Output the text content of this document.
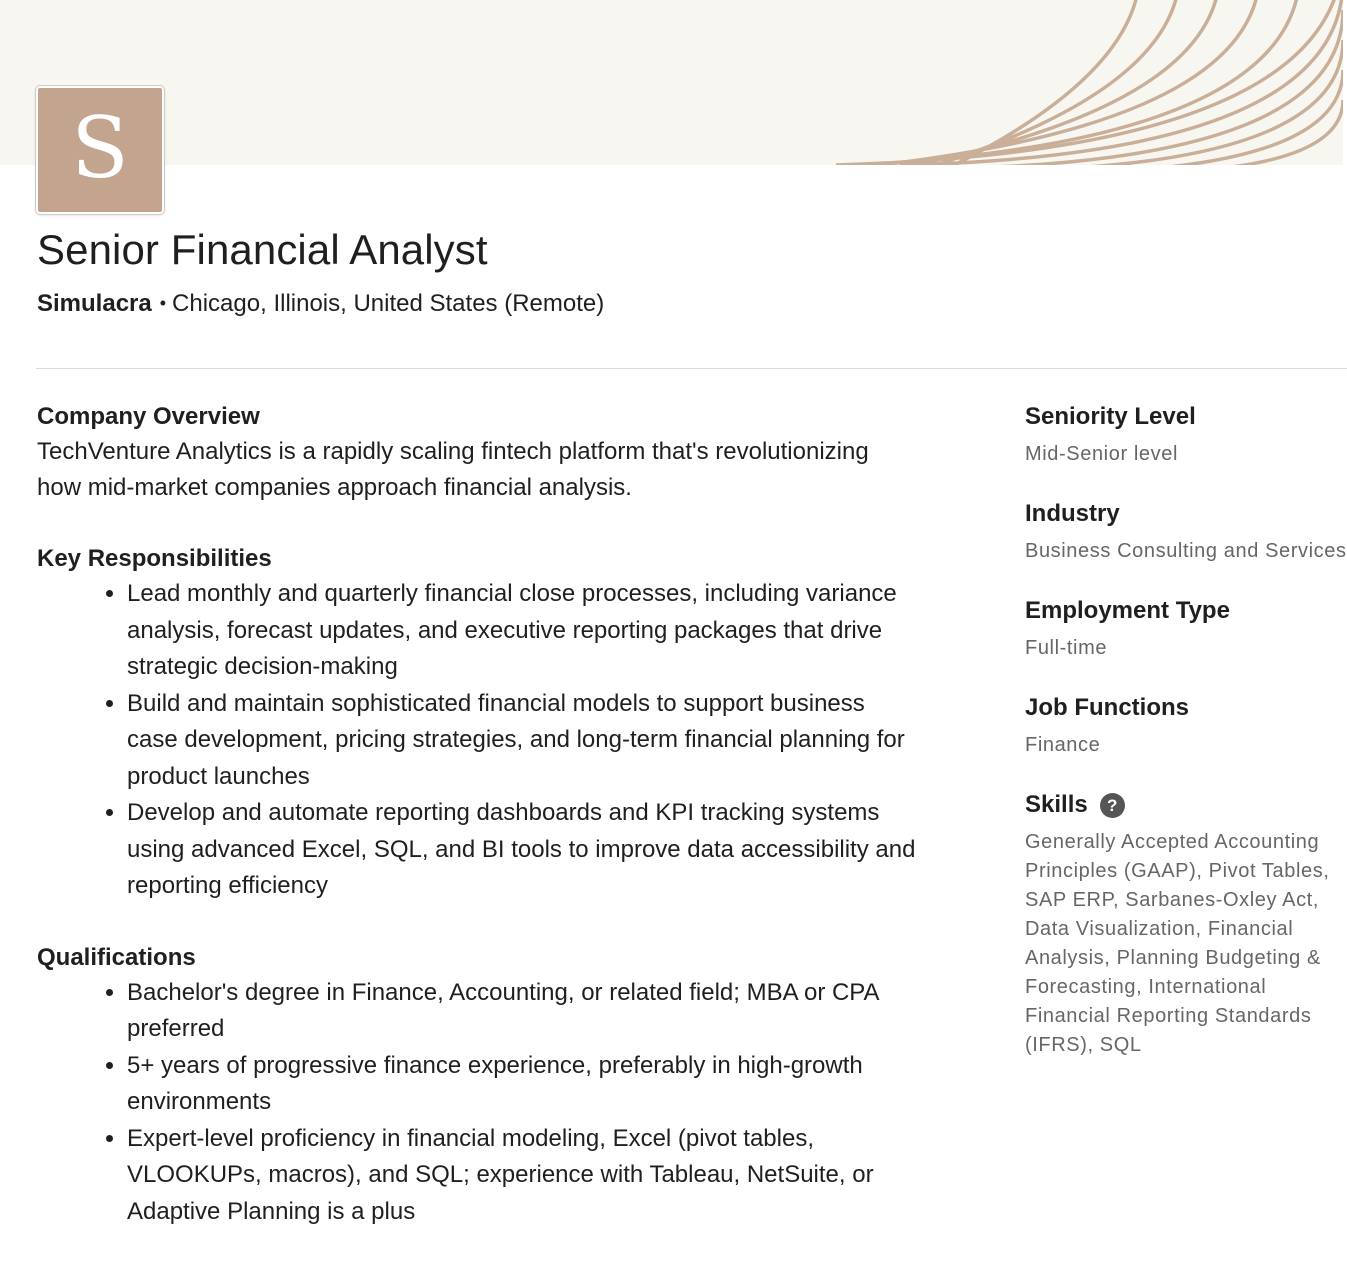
S
Senior Financial Analyst
Simulacra • Chicago, Illinois, United States (Remote)

Company Overview

TechVenture Analytics is a rapidly scaling fintech platform that's revolutionizing how mid-market companies approach financial analysis.

Key Responsibilities

• Lead monthly and quarterly financial close processes, including variance analysis, forecast updates, and executive reporting packages that drive strategic decision-making
• Build and maintain sophisticated financial models to support business case development, pricing strategies, and long-term financial planning for product launches
• Develop and automate reporting dashboards and KPI tracking systems using advanced Excel, SQL, and BI tools to improve data accessibility and reporting efficiency

Qualifications

• Bachelor's degree in Finance, Accounting, or related field; MBA or CPA preferred
• 5+ years of progressive finance experience, preferably in high-growth environments
• Expert-level proficiency in financial modeling, Excel (pivot tables, VLOOKUPs, macros), and SQL; experience with Tableau, NetSuite, or Adaptive Planning is a plus
Seniority Level
Mid-Senior level
Industry
Business Consulting and Services
Employment Type
Full-time
Job Functions
Finance
Skills	?
Generally Accepted Accounting Principles (GAAP), Pivot Tables, SAP ERP, Sarbanes-Oxley Act, Data Visualization, Financial Analysis, Planning Budgeting & Forecasting, International Financial Reporting Standards (IFRS), SQL
